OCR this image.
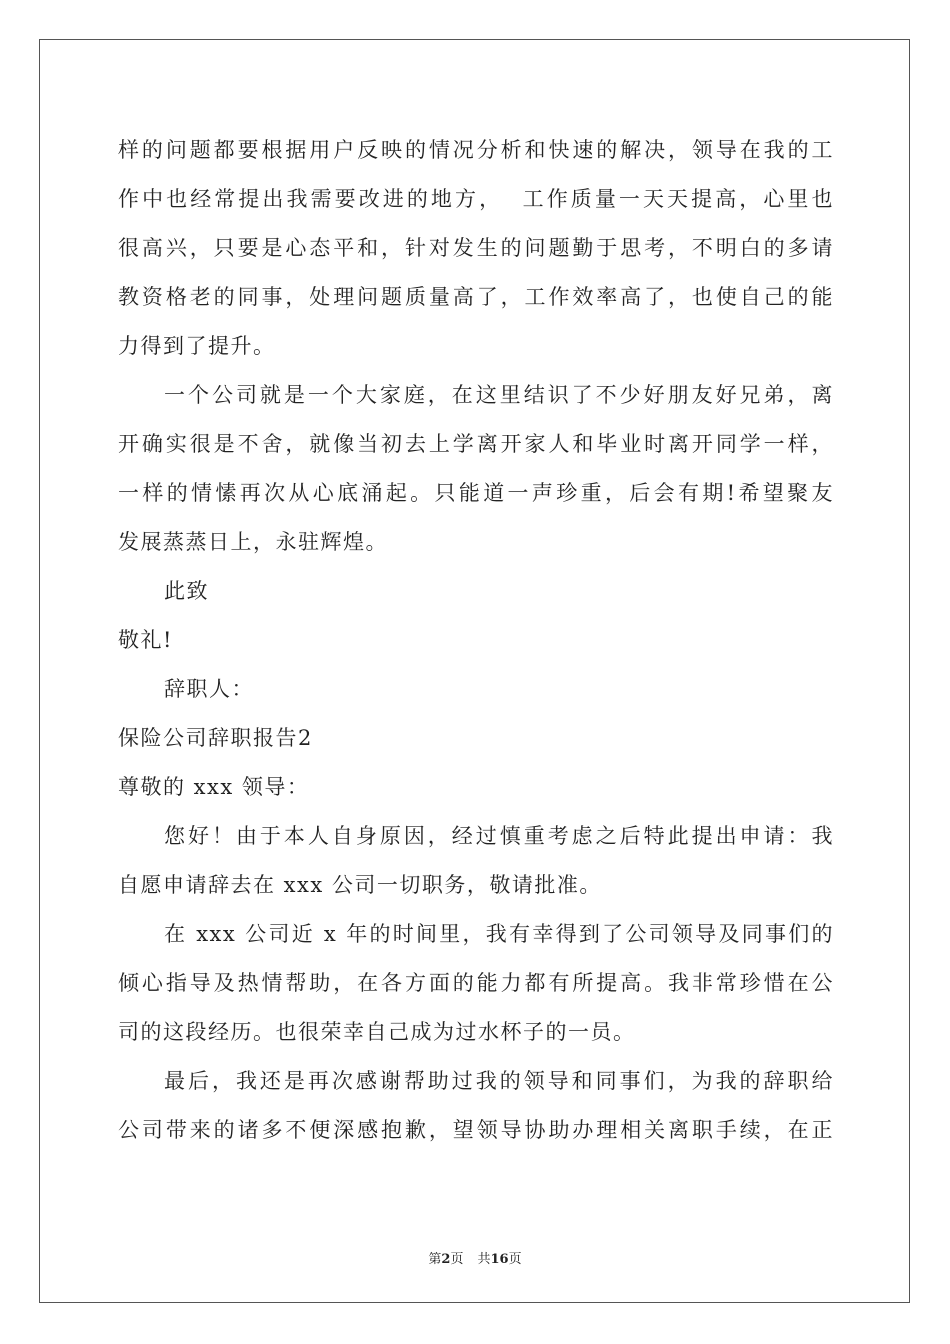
样的问题都要根据用户反映的情况分析和快速的解决，领导在我的工
作中也经常提出我需要改进的地方，  工作质量一天天提高，心里也
很高兴，只要是心态平和，针对发生的问题勤于思考，不明白的多请
教资格老的同事，处理问题质量高了，工作效率高了，也使自己的能
力得到了提升。
一个公司就是一个大家庭，在这里结识了不少好朋友好兄弟，离
开确实很是不舍，就像当初去上学离开家人和毕业时离开同学一样，
一样的情愫再次从心底涌起。只能道一声珍重，后会有期!希望聚友
发展蒸蒸日上，永驻辉煌。
此致
敬礼!
辞职人：
保险公司辞职报告2
尊敬的 xxx 领导：
您好！由于本人自身原因，经过慎重考虑之后特此提出申请：我
自愿申请辞去在 xxx 公司一切职务，敬请批准。
在 xxx 公司近 x 年的时间里，我有幸得到了公司领导及同事们的
倾心指导及热情帮助，在各方面的能力都有所提高。我非常珍惜在公
司的这段经历。也很荣幸自己成为过水杯子的一员。
最后，我还是再次感谢帮助过我的领导和同事们，为我的辞职给
公司带来的诸多不便深感抱歉，望领导协助办理相关离职手续，在正
第2页 共16页
